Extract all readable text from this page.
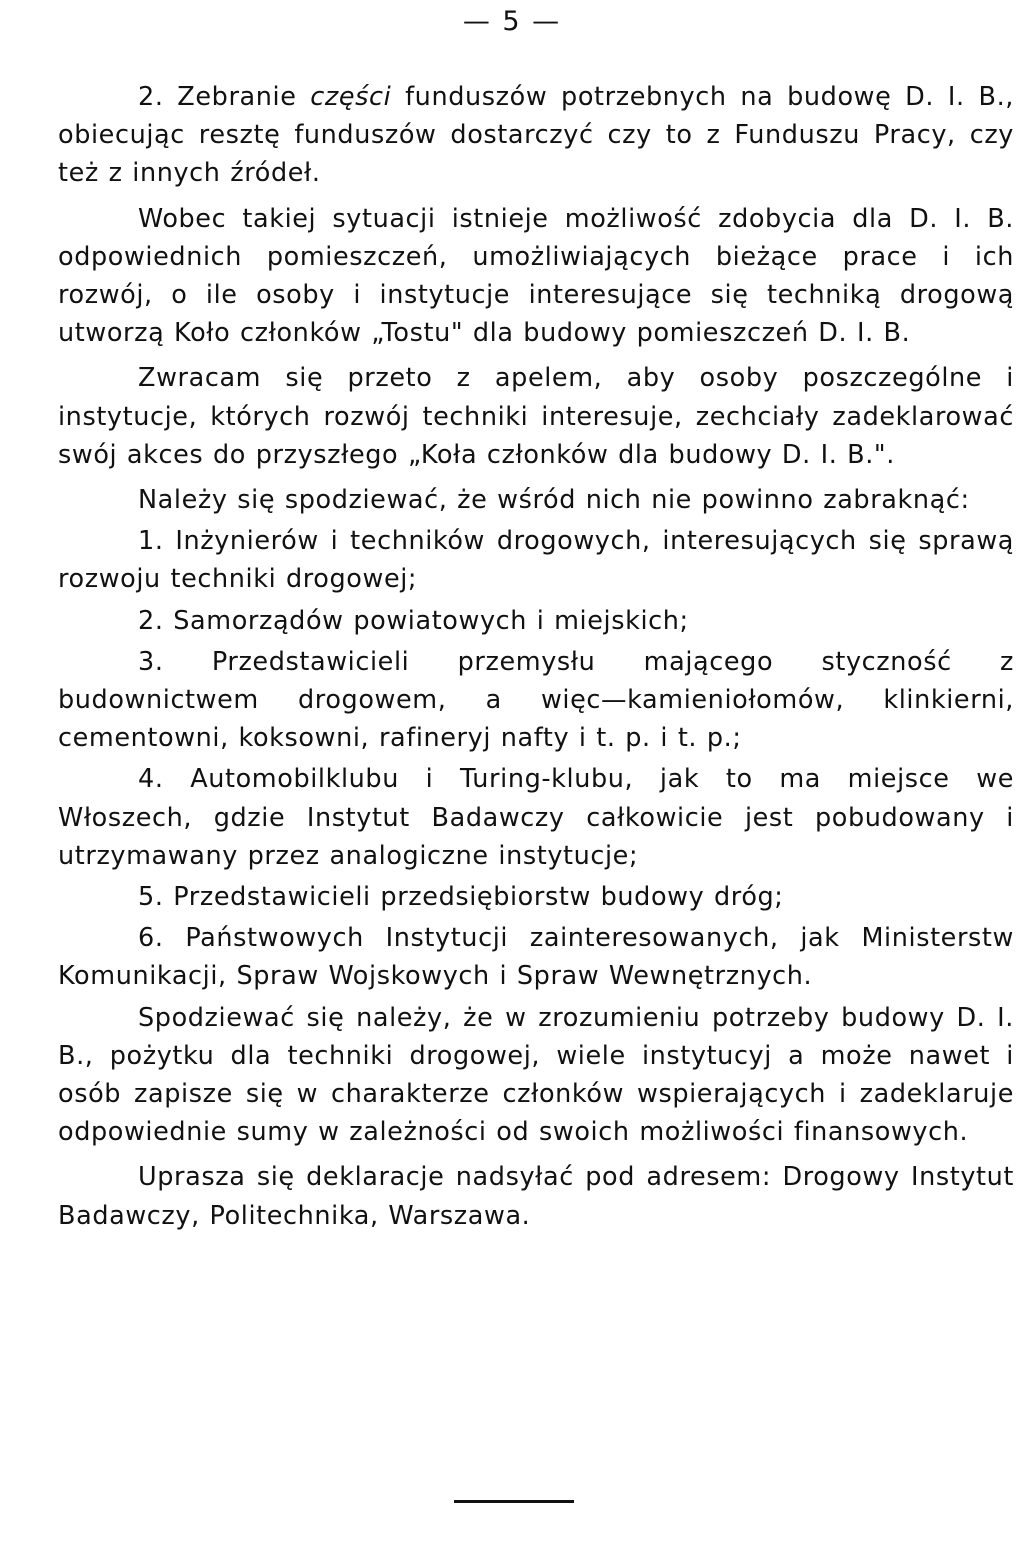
— 5 —

2. Zebranie części funduszów potrzebnych na budowę D. I. B., obiecując resztę funduszów dostarczyć czy to z Funduszu Pracy, czy też z innych źródeł.

Wobec takiej sytuacji istnieje możliwość zdobycia dla D. I. B. odpowiednich pomieszczeń, umożliwiających bieżące prace i ich rozwój, o ile osoby i instytucje interesujące się techniką drogową utworzą Koło członków „Tostu" dla budowy pomieszczeń D. I. B.

Zwracam się przeto z apelem, aby osoby poszczególne i instytucje, których rozwój techniki interesuje, zechciały zadeklarować swój akces do przyszłego „Koła członków dla budowy D. I. B.".

Należy się spodziewać, że wśród nich nie powinno zabraknąć:

1. Inżynierów i techników drogowych, interesujących się sprawą rozwoju techniki drogowej;

2. Samorządów powiatowych i miejskich;

3. Przedstawicieli przemysłu mającego styczność z budownictwem drogowem, a więc—kamieniołomów, klinkierni, cementowni, koksowni, rafineryj nafty i t. p. i t. p.;

4. Automobilklubu i Turing-klubu, jak to ma miejsce we Włoszech, gdzie Instytut Badawczy całkowicie jest pobudowany i utrzymawany przez analogiczne instytucje;

5. Przedstawicieli przedsiębiorstw budowy dróg;

6. Państwowych Instytucji zainteresowanych, jak Ministerstw Komunikacji, Spraw Wojskowych i Spraw Wewnętrznych.

Spodziewać się należy, że w zrozumieniu potrzeby budowy D. I. B., pożytku dla techniki drogowej, wiele instytucyj a może nawet i osób zapisze się w charakterze członków wspierających i zadeklaruje odpowiednie sumy w zależności od swoich możliwości finansowych.

Uprasza się deklaracje nadsyłać pod adresem: Drogowy Instytut Badawczy, Politechnika, Warszawa.
